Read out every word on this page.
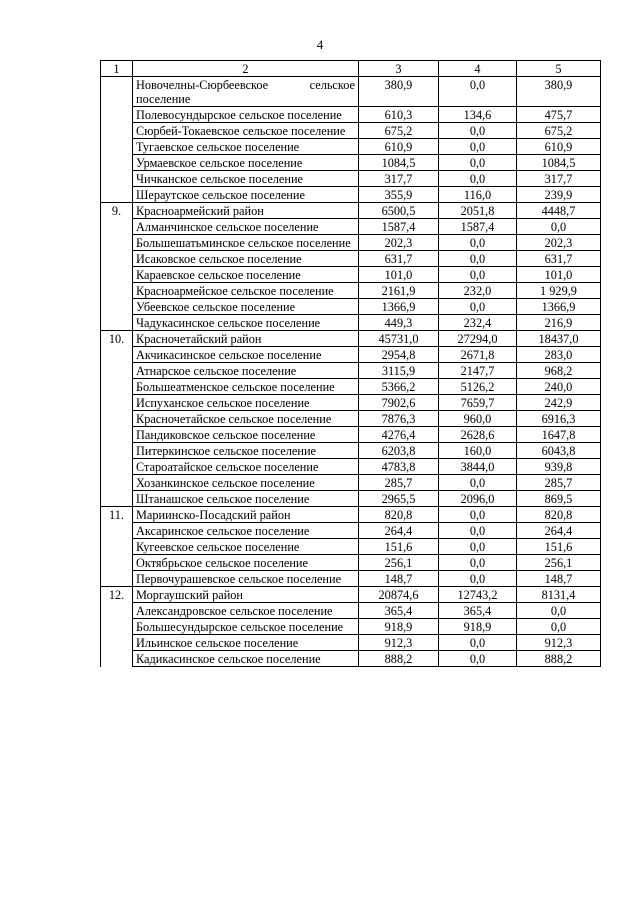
4
1	2	3	4	5
	Новочелны-Сюрбеевское сельское поселение	380,9	0,0	380,9
	Полевосундырское сельское поселение	610,3	134,6	475,7
	Сюрбей-Токаевское сельское поселение	675,2	0,0	675,2
	Тугаевское сельское поселение	610,9	0,0	610,9
	Урмаевское сельское поселение	1084,5	0,0	1084,5
	Чичканское сельское поселение	317,7	0,0	317,7
	Шераутское сельское поселение	355,9	116,0	239,9
9.	Красноармейский район	6500,5	2051,8	4448,7
	Алманчинское сельское поселение	1587,4	1587,4	0,0
	Большешатьминское сельское поселение	202,3	0,0	202,3
	Исаковское сельское поселение	631,7	0,0	631,7
	Караевское сельское поселение	101,0	0,0	101,0
	Красноармейское сельское поселение	2161,9	232,0	1 929,9
	Убеевское сельское поселение	1366,9	0,0	1366,9
	Чадукасинское сельское поселение	449,3	232,4	216,9
10.	Красночетайский район	45731,0	27294,0	18437,0
	Акчикасинское сельское поселение	2954,8	2671,8	283,0
	Атнарское сельское поселение	3115,9	2147,7	968,2
	Большеатменское сельское поселение	5366,2	5126,2	240,0
	Испуханское сельское поселение	7902,6	7659,7	242,9
	Красночетайское сельское поселение	7876,3	960,0	6916,3
	Пандиковское сельское поселение	4276,4	2628,6	1647,8
	Питеркинское сельское поселение	6203,8	160,0	6043,8
	Староатайское сельское поселение	4783,8	3844,0	939,8
	Хозанкинское сельское поселение	285,7	0,0	285,7
	Штанашское сельское поселение	2965,5	2096,0	869,5
11.	Мариинско-Посадский район	820,8	0,0	820,8
	Аксаринское сельское поселение	264,4	0,0	264,4
	Кугеевское сельское поселение	151,6	0,0	151,6
	Октябрьское сельское поселение	256,1	0,0	256,1
	Первочурашевское сельское поселение	148,7	0,0	148,7
12.	Моргаушский район	20874,6	12743,2	8131,4
	Александровское сельское поселение	365,4	365,4	0,0
	Большесундырское сельское поселение	918,9	918,9	0,0
	Ильинское сельское поселение	912,3	0,0	912,3
	Кадикасинское сельское поселение	888,2	0,0	888,2
